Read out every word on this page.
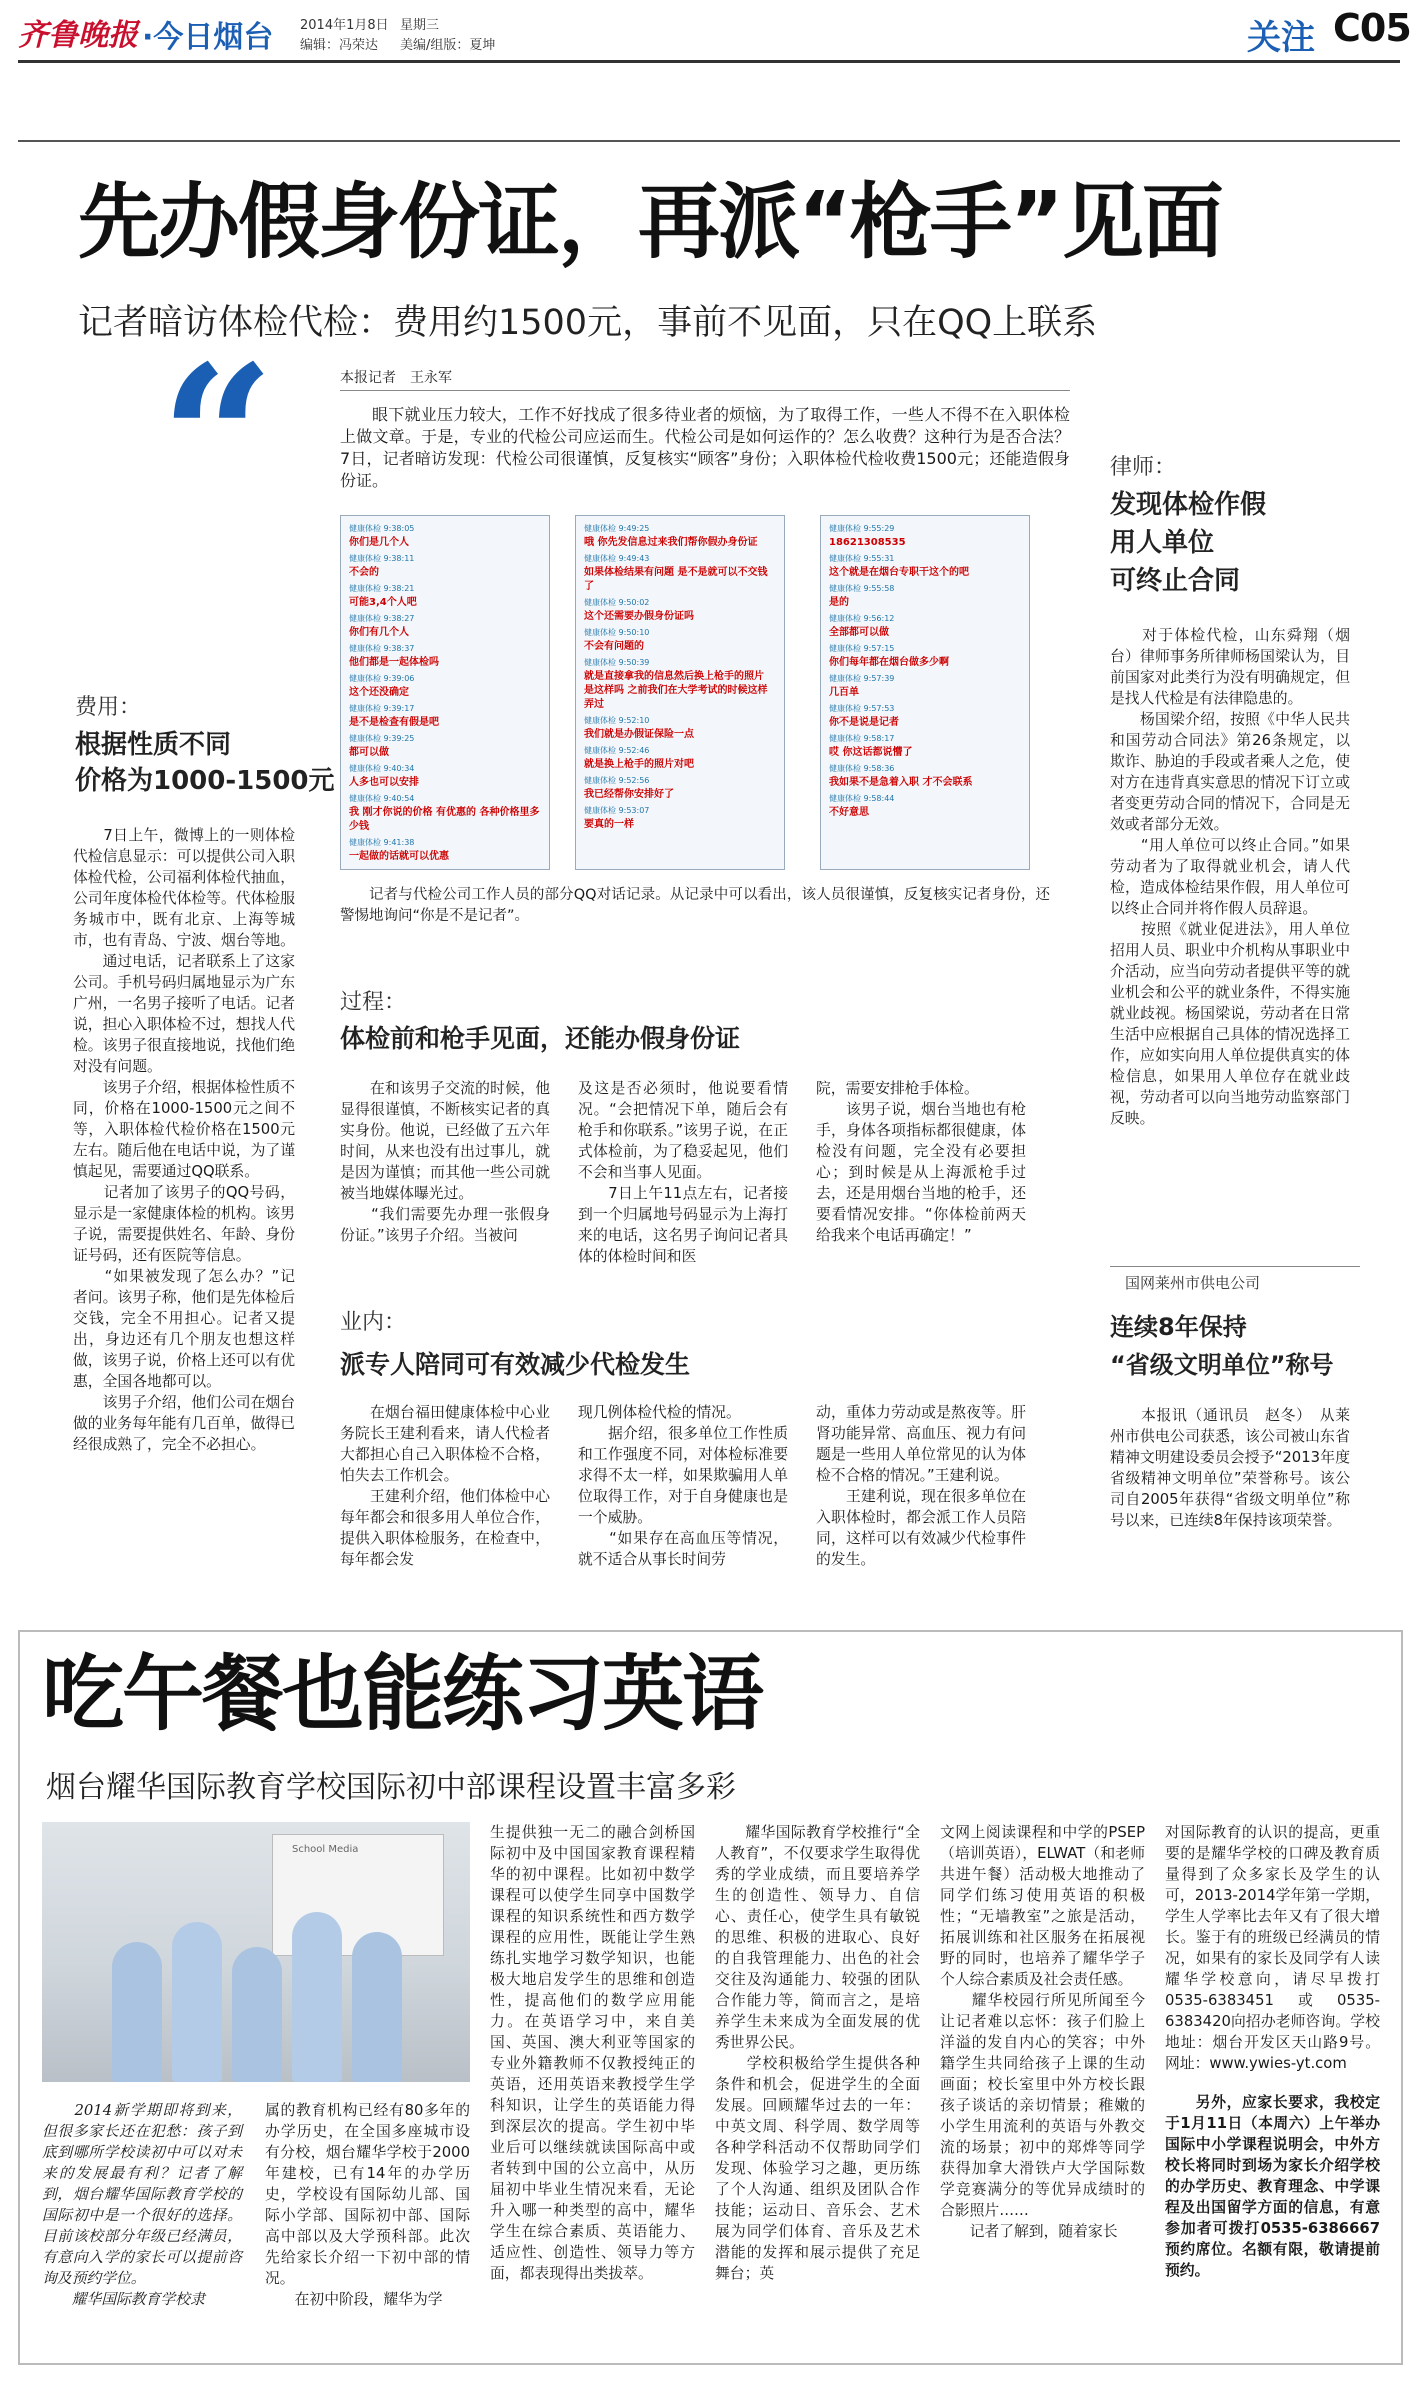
齐鲁晚报 ·今日烟台 2014年1月8日 星期三
编辑：冯荣达 美编/组版：夏坤	关注 C05
先办假身份证，再派“枪手”见面
记者暗访体检代检：费用约1500元，事前不见面，只在QQ上联系
“	本报记者　王永军
眼下就业压力较大，工作不好找成了很多待业者的烦恼，为了取得工作，一些人不得不在入职体检上做文章。于是，专业的代检公司应运而生。代检公司是如何运作的？怎么收费？这种行为是否合法？7日，记者暗访发现：代检公司很谨慎，反复核实“顾客”身份；入职体检代检收费1500元；还能造假身份证。
健康体检 9:38:05
你们是几个人
健康体检 9:38:11
不会的
健康体检 9:38:21
可能3,4个人吧
健康体检 9:38:27
你们有几个人
健康体检 9:38:37
他们都是一起体检吗
健康体检 9:39:06
这个还没确定
健康体检 9:39:17
是不是检查有假是吧
健康体检 9:39:25
都可以做
健康体检 9:40:34
人多也可以安排
健康体检 9:40:54
我 刚才你说的价格 有优惠的 各种价格里多少钱
健康体检 9:41:38
一起做的话就可以优惠
健康体检 9:49:25
哦 你先发信息过来我们帮你假办身份证
健康体检 9:49:43
如果体检结果有问题 是不是就可以不交钱了
健康体检 9:50:02
这个还需要办假身份证吗
健康体检 9:50:10
不会有问题的
健康体检 9:50:39
就是直接拿我的信息然后换上枪手的照片 是这样吗 之前我们在大学考试的时候这样弄过
健康体检 9:52:10
我们就是办假证保险一点
健康体检 9:52:46
就是换上枪手的照片对吧
健康体检 9:52:56
我已经帮你安排好了
健康体检 9:53:07
要真的一样
健康体检 9:55:29
18621308535
健康体检 9:55:31
这个就是在烟台专职干这个的吧
健康体检 9:55:58
是的
健康体检 9:56:12
全部都可以做
健康体检 9:57:15
你们每年都在烟台做多少啊
健康体检 9:57:39
几百单
健康体检 9:57:53
你不是说是记者
健康体检 9:58:17
哎 你这话都说懵了
健康体检 9:58:36
我如果不是急着入职 才不会联系
健康体检 9:58:44
不好意思
记者与代检公司工作人员的部分QQ对话记录。从记录中可以看出，该人员很谨慎，反复核实记者身份，还警惕地询问“你是不是记者”。
费用：
根据性质不同
价格为1000-1500元
　　7日上午，微博上的一则体检代检信息显示：可以提供公司入职体检代检，公司福利体检代抽血，公司年度体检代体检等。代体检服务城市中，既有北京、上海等城市，也有青岛、宁波、烟台等地。
　　通过电话，记者联系上了这家公司。手机号码归属地显示为广东广州，一名男子接听了电话。记者说，担心入职体检不过，想找人代检。该男子很直接地说，找他们绝对没有问题。
　　该男子介绍，根据体检性质不同，价格在1000-1500元之间不等，入职体检代检价格在1500元左右。随后他在电话中说，为了谨慎起见，需要通过QQ联系。
　　记者加了该男子的QQ号码，显示是一家健康体检的机构。该男子说，需要提供姓名、年龄、身份证号码，还有医院等信息。
　　“如果被发现了怎么办？”记者问。该男子称，他们是先体检后交钱，完全不用担心。记者又提出，身边还有几个朋友也想这样做，该男子说，价格上还可以有优惠，全国各地都可以。
　　该男子介绍，他们公司在烟台做的业务每年能有几百单，做得已经很成熟了，完全不必担心。
过程：
体检前和枪手见面，还能办假身份证
　　在和该男子交流的时候，他显得很谨慎，不断核实记者的真实身份。他说，已经做了五六年时间，从来也没有出过事儿，就是因为谨慎；而其他一些公司就被当地媒体曝光过。
　　“我们需要先办理一张假身份证。”该男子介绍。当被问
及这是否必须时，他说要看情况。“会把情况下单，随后会有枪手和你联系。”该男子说，在正式体检前，为了稳妥起见，他们不会和当事人见面。
　　7日上午11点左右，记者接到一个归属地号码显示为上海打来的电话，这名男子询问记者具体的体检时间和医
院，需要安排枪手体检。
　　该男子说，烟台当地也有枪手，身体各项指标都很健康，体检没有问题，完全没有必要担心；到时候是从上海派枪手过去，还是用烟台当地的枪手，还要看情况安排。“你体检前两天给我来个电话再确定！”
业内：
派专人陪同可有效减少代检发生
　　在烟台福田健康体检中心业务院长王建利看来，请人代检者大都担心自己入职体检不合格，怕失去工作机会。
　　王建利介绍，他们体检中心每年都会和很多用人单位合作，提供入职体检服务，在检查中，每年都会发
现几例体检代检的情况。
　　据介绍，很多单位工作性质和工作强度不同，对体检标准要求得不太一样，如果欺骗用人单位取得工作，对于自身健康也是一个威胁。
　　“如果存在高血压等情况，就不适合从事长时间劳
动，重体力劳动或是熬夜等。肝肾功能异常、高血压、视力有问题是一些用人单位常见的认为体检不合格的情况。”王建利说。
　　王建利说，现在很多单位在入职体检时，都会派工作人员陪同，这样可以有效减少代检事件的发生。
律师：
发现体检作假
用人单位
可终止合同
　　对于体检代检，山东舜翔（烟台）律师事务所律师杨国梁认为，目前国家对此类行为没有明确规定，但是找人代检是有法律隐患的。
　　杨国梁介绍，按照《中华人民共和国劳动合同法》第26条规定，以欺诈、胁迫的手段或者乘人之危，使对方在违背真实意思的情况下订立或者变更劳动合同的情况下，合同是无效或者部分无效。
　　“用人单位可以终止合同。”如果劳动者为了取得就业机会，请人代检，造成体检结果作假，用人单位可以终止合同并将作假人员辞退。
　　按照《就业促进法》，用人单位招用人员、职业中介机构从事职业中介活动，应当向劳动者提供平等的就业机会和公平的就业条件，不得实施就业歧视。杨国梁说，劳动者在日常生活中应根据自己具体的情况选择工作，应如实向用人单位提供真实的体检信息，如果用人单位存在就业歧视，劳动者可以向当地劳动监察部门反映。
国网莱州市供电公司
连续8年保持
“省级文明单位”称号
　　本报讯（通讯员　赵冬）　从莱州市供电公司获悉，该公司被山东省精神文明建设委员会授予“2013年度省级精神文明单位”荣誉称号。该公司自2005年获得“省级文明单位”称号以来，已连续8年保持该项荣誉。
吃午餐也能练习英语
烟台耀华国际教育学校国际初中部课程设置丰富多彩
School Media
　　2014新学期即将到来，但很多家长还在犯愁：孩子到底到哪所学校读初中可以对未来的发展最有利？记者了解到，烟台耀华国际教育学校的国际初中是一个很好的选择。目前该校部分年级已经满员，有意向入学的家长可以提前咨询及预约学位。
　　耀华国际教育学校隶
属的教育机构已经有80多年的办学历史，在全国多座城市设有分校，烟台耀华学校于2000年建校，已有14年的办学历史，学校设有国际幼儿部、国际小学部、国际初中部、国际高中部以及大学预科部。此次先给家长介绍一下初中部的情况。
　　在初中阶段，耀华为学
生提供独一无二的融合剑桥国际初中及中国国家教育课程精华的初中课程。比如初中数学课程可以使学生同享中国数学课程的知识系统性和西方数学课程的应用性，既能让学生熟练扎实地学习数学知识，也能极大地启发学生的思维和创造性，提高他们的数学应用能力。在英语学习中，来自美国、英国、澳大利亚等国家的专业外籍教师不仅教授纯正的英语，还用英语来教授学生学科知识，让学生的英语能力得到深层次的提高。学生初中毕业后可以继续就读国际高中或者转到中国的公立高中，从历届初中毕业生情况来看，无论升入哪一种类型的高中，耀华学生在综合素质、英语能力、适应性、创造性、领导力等方面，都表现得出类拔萃。
　　耀华国际教育学校推行“全人教育”，不仅要求学生取得优秀的学业成绩，而且要培养学生的创造性、领导力、自信心、责任心，使学生具有敏锐的思维、积极的进取心、良好的自我管理能力、出色的社会交往及沟通能力、较强的团队合作能力等，简而言之，是培养学生未来成为全面发展的优秀世界公民。
　　学校积极给学生提供各种条件和机会，促进学生的全面发展。回顾耀华过去的一年：中英文周、科学周、数学周等各种学科活动不仅帮助同学们发现、体验学习之趣，更历练了个人沟通、组织及团队合作技能；运动日、音乐会、艺术展为同学们体育、音乐及艺术潜能的发挥和展示提供了充足舞台；英
文网上阅读课程和中学的PSEP（培训英语），ELWAT（和老师共进午餐）活动极大地推动了同学们练习使用英语的积极性；“无墙教室”之旅是活动，拓展训练和社区服务在拓展视野的同时，也培养了耀华学子个人综合素质及社会责任感。
　　耀华校园行所见所闻至今让记者难以忘怀：孩子们脸上洋溢的发自内心的笑容；中外籍学生共同给孩子上课的生动画面；校长室里中外方校长跟孩子谈话的亲切情景；稚嫩的小学生用流利的英语与外教交流的场景；初中的郑烨等同学获得加拿大滑铁卢大学国际数学竞赛满分的等优异成绩时的合影照片……
　　记者了解到，随着家长
对国际教育的认识的提高，更重要的是耀华学校的口碑及教育质量得到了众多家长及学生的认可，2013-2014学年第一学期，学生人学率比去年又有了很大增长。鉴于有的班级已经满员的情况，如果有的家长及同学有人读耀华学校意向，请尽早拨打0535-6383451或0535-6383420向招办老师咨询。学校地址：烟台开发区天山路9号。网址：www.ywies-yt.com
　　另外，应家长要求，我校定于1月11日（本周六）上午举办国际中小学课程说明会，中外方校长将同时到场为家长介绍学校的办学历史、教育理念、中学课程及出国留学方面的信息，有意参加者可拨打0535-6386667预约席位。名额有限，敬请提前预约。
